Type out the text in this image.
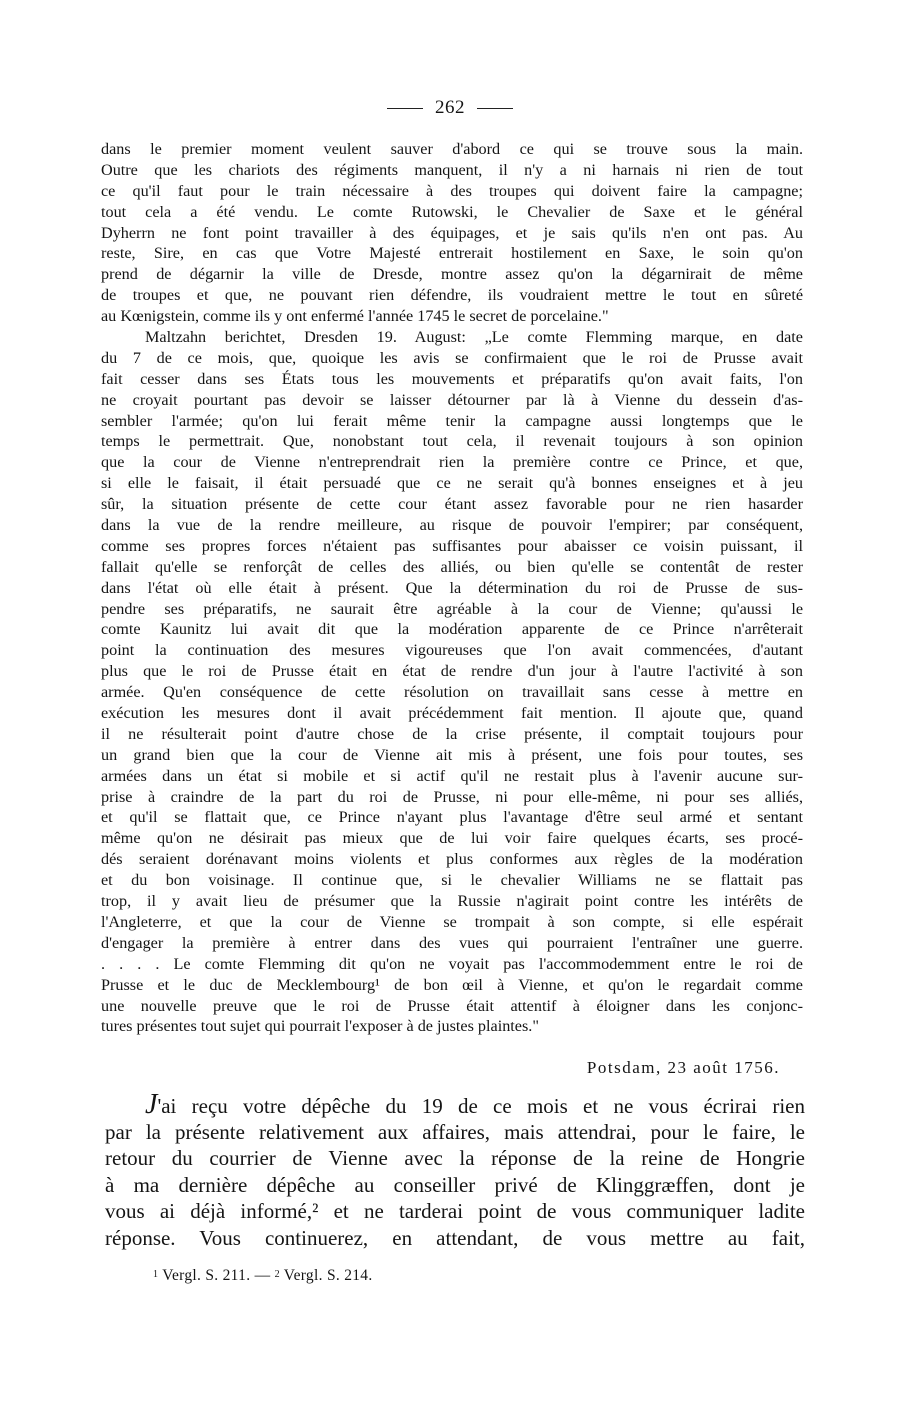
262
dans le premier moment veulent sauver d'abord ce qui se trouve sous la main.
Outre que les chariots des régiments manquent, il n'y a ni harnais ni rien de tout
ce qu'il faut pour le train nécessaire à des troupes qui doivent faire la campagne;
tout cela a été vendu. Le comte Rutowski, le Chevalier de Saxe et le général
Dyherrn ne font point travailler à des équipages, et je sais qu'ils n'en ont pas. Au
reste, Sire, en cas que Votre Majesté entrerait hostilement en Saxe, le soin qu'on
prend de dégarnir la ville de Dresde, montre assez qu'on la dégarnirait de même
de troupes et que, ne pouvant rien défendre, ils voudraient mettre le tout en sûreté
au Kœnigstein, comme ils y ont enfermé l'année 1745 le secret de porcelaine."
Maltzahn berichtet, Dresden 19. August: „Le comte Flemming marque, en date
du 7 de ce mois, que, quoique les avis se confirmaient que le roi de Prusse avait
fait cesser dans ses États tous les mouvements et préparatifs qu'on avait faits, l'on
ne croyait pourtant pas devoir se laisser détourner par là à Vienne du dessein d'as-
sembler l'armée; qu'on lui ferait même tenir la campagne aussi longtemps que le
temps le permettrait. Que, nonobstant tout cela, il revenait toujours à son opinion
que la cour de Vienne n'entreprendrait rien la première contre ce Prince, et que,
si elle le faisait, il était persuadé que ce ne serait qu'à bonnes enseignes et à jeu
sûr, la situation présente de cette cour étant assez favorable pour ne rien hasarder
dans la vue de la rendre meilleure, au risque de pouvoir l'empirer; par conséquent,
comme ses propres forces n'étaient pas suffisantes pour abaisser ce voisin puissant, il
fallait qu'elle se renforçât de celles des alliés, ou bien qu'elle se contentât de rester
dans l'état où elle était à présent. Que la détermination du roi de Prusse de sus-
pendre ses préparatifs, ne saurait être agréable à la cour de Vienne; qu'aussi le
comte Kaunitz lui avait dit que la modération apparente de ce Prince n'arrêterait
point la continuation des mesures vigoureuses que l'on avait commencées, d'autant
plus que le roi de Prusse était en état de rendre d'un jour à l'autre l'activité à son
armée. Qu'en conséquence de cette résolution on travaillait sans cesse à mettre en
exécution les mesures dont il avait précédemment fait mention. Il ajoute que, quand
il ne résulterait point d'autre chose de la crise présente, il comptait toujours pour
un grand bien que la cour de Vienne ait mis à présent, une fois pour toutes, ses
armées dans un état si mobile et si actif qu'il ne restait plus à l'avenir aucune sur-
prise à craindre de la part du roi de Prusse, ni pour elle-même, ni pour ses alliés,
et qu'il se flattait que, ce Prince n'ayant plus l'avantage d'être seul armé et sentant
même qu'on ne désirait pas mieux que de lui voir faire quelques écarts, ses procé-
dés seraient dorénavant moins violents et plus conformes aux règles de la modération
et du bon voisinage. Il continue que, si le chevalier Williams ne se flattait pas
trop, il y avait lieu de présumer que la Russie n'agirait point contre les intérêts de
l'Angleterre, et que la cour de Vienne se trompait à son compte, si elle espérait
d'engager la première à entrer dans des vues qui pourraient l'entraîner une guerre.
. . . . Le comte Flemming dit qu'on ne voyait pas l'accommodemment entre le roi de
Prusse et le duc de Mecklembourg¹ de bon œil à Vienne, et qu'on le regardait comme
une nouvelle preuve que le roi de Prusse était attentif à éloigner dans les conjonc-
tures présentes tout sujet qui pourrait l'exposer à de justes plaintes."
Potsdam, 23 août 1756.
J'ai reçu votre dépêche du 19 de ce mois et ne vous écrirai rien
par la présente relativement aux affaires, mais attendrai, pour le faire, le
retour du courrier de Vienne avec la réponse de la reine de Hongrie
à ma dernière dépêche au conseiller privé de Klinggræffen, dont je
vous ai déjà informé,² et ne tarderai point de vous communiquer ladite
réponse. Vous continuerez, en attendant, de vous mettre au fait,
$^1$ Vergl. S. 211. — $^2$ Vergl. S. 214.
